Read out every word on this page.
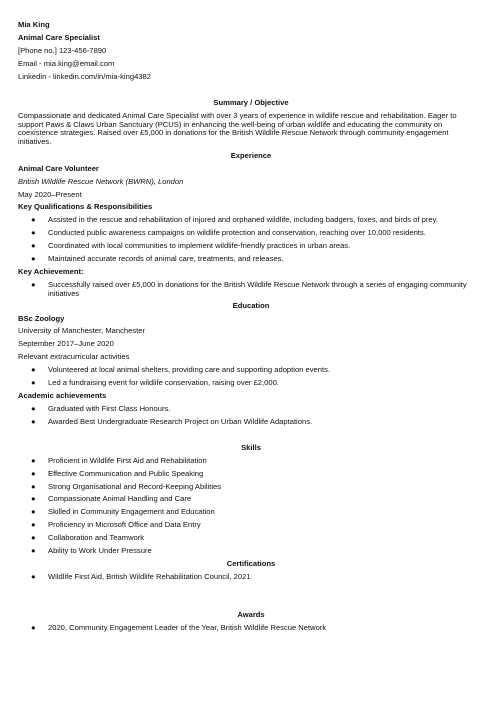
Mia King
Animal Care Specialist
[Phone no.] 123-456-7890
Email - mia.king@email.com
Linkedin - linkedin.com/in/mia-king4382
Summary / Objective
Compassionate and dedicated Animal Care Specialist with over 3 years of experience in wildlife rescue and rehabilitation. Eager to support Paws & Claws Urban Sanctuary (PCUS) in enhancing the well-being of urban wildlife and educating the community on coexistence strategies. Raised over £5,000 in donations for the British Wildlife Rescue Network through community engagement initiatives.
Experience
Animal Care Volunteer
British Wildlife Rescue Network (BWRN), London
May 2020–Present
Key Qualifications & Responsibilities
● Assisted in the rescue and rehabilitation of injured and orphaned wildlife, including badgers, foxes, and birds of prey.
● Conducted public awareness campaigns on wildlife protection and conservation, reaching over 10,000 residents.
● Coordinated with local communities to implement wildlife-friendly practices in urban areas.
● Maintained accurate records of animal care, treatments, and releases.
Key Achievement:
● Successfully raised over £5,000 in donations for the British Wildlife Rescue Network through a series of engaging community initiatives
Education
BSc Zoology
University of Manchester, Manchester
September 2017–June 2020
Relevant extracurricular activities
● Volunteered at local animal shelters, providing care and supporting adoption events.
● Led a fundraising event for wildlife conservation, raising over £2,000.
Academic achievements
● Graduated with First Class Honours.
● Awarded Best Undergraduate Research Project on Urban Wildlife Adaptations.
Skills
● Proficient in Wildlife First Aid and Rehabilitation
● Effective Communication and Public Speaking
● Strong Organisational and Record-Keeping Abilities
● Compassionate Animal Handling and Care
● Skilled in Community Engagement and Education
● Proficiency in Microsoft Office and Data Entry
● Collaboration and Teamwork
● Ability to Work Under Pressure
Certifications
● Wildlife First Aid, British Wildlife Rehabilitation Council, 2021
Awards
● 2020, Community Engagement Leader of the Year, British Wildlife Rescue Network
